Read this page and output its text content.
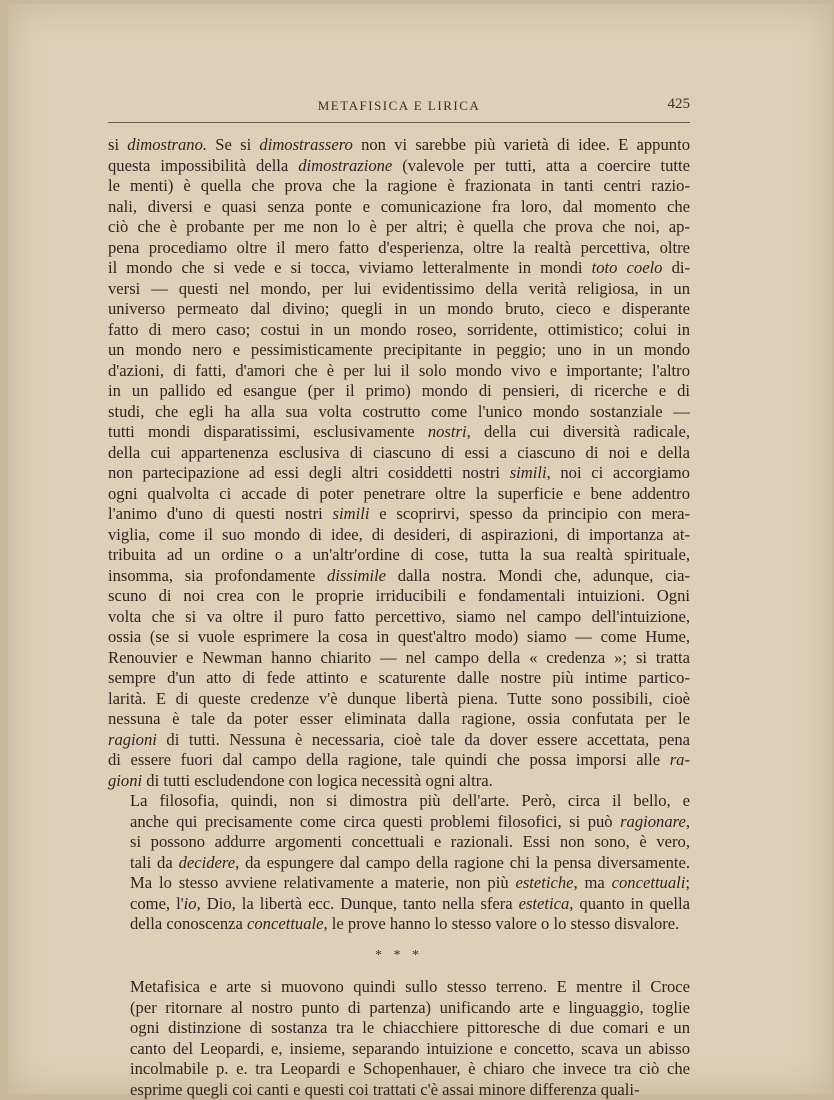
METAFISICA E LIRICA	425

si dimostrano. Se si dimostrassero non vi sarebbe più varietà di idee. E appunto
questa impossibilità della dimostrazione (valevole per tutti, atta a coercire tutte
le menti) è quella che prova che la ragione è frazionata in tanti centri razio-
nali, diversi e quasi senza ponte e comunicazione fra loro, dal momento che
ciò che è probante per me non lo è per altri; è quella che prova che noi, ap-
pena procediamo oltre il mero fatto d'esperienza, oltre la realtà percettiva, oltre
il mondo che si vede e si tocca, viviamo letteralmente in mondi toto coelo di-
versi — questi nel mondo, per lui evidentissimo della verità religiosa, in un
universo permeato dal divino; quegli in un mondo bruto, cieco e disperante
fatto di mero caso; costui in un mondo roseo, sorridente, ottimistico; colui in
un mondo nero e pessimisticamente precipitante in peggio; uno in un mondo
d'azioni, di fatti, d'amori che è per lui il solo mondo vivo e importante; l'altro
in un pallido ed esangue (per il primo) mondo di pensieri, di ricerche e di
studi, che egli ha alla sua volta costrutto come l'unico mondo sostanziale —
tutti mondi disparatissimi, esclusivamente nostri, della cui diversità radicale,
della cui appartenenza esclusiva di ciascuno di essi a ciascuno di noi e della
non partecipazione ad essi degli altri cosiddetti nostri simili, noi ci accorgiamo
ogni qualvolta ci accade di poter penetrare oltre la superficie e bene addentro
l'animo d'uno di questi nostri simili e scoprirvi, spesso da principio con mera-
viglia, come il suo mondo di idee, di desideri, di aspirazioni, di importanza at-
tribuita ad un ordine o a un'altr'ordine di cose, tutta la sua realtà spirituale,
insomma, sia profondamente dissimile dalla nostra. Mondi che, adunque, cia-
scuno di noi crea con le proprie irriducibili e fondamentali intuizioni. Ogni
volta che si va oltre il puro fatto percettivo, siamo nel campo dell'intuizione,
ossia (se si vuole esprimere la cosa in quest'altro modo) siamo — come Hume,
Renouvier e Newman hanno chiarito — nel campo della « credenza »; si tratta
sempre d'un atto di fede attinto e scaturente dalle nostre più intime partico-
larità. E di queste credenze v'è dunque libertà piena. Tutte sono possibili, cioè
nessuna è tale da poter esser eliminata dalla ragione, ossia confutata per le
ragioni di tutti. Nessuna è necessaria, cioè tale da dover essere accettata, pena
di essere fuori dal campo della ragione, tale quindi che possa imporsi alle ra-
gioni di tutti escludendone con logica necessità ogni altra.

La filosofia, quindi, non si dimostra più dell'arte. Però, circa il bello, e
anche qui precisamente come circa questi problemi filosofici, si può ragionare,
si possono addurre argomenti concettuali e razionali. Essi non sono, è vero,
tali da decidere, da espungere dal campo della ragione chi la pensa diversamente.
Ma lo stesso avviene relativamente a materie, non più estetiche, ma concettuali;
come, l'io, Dio, la libertà ecc. Dunque, tanto nella sfera estetica, quanto in quella
della conoscenza concettuale, le prove hanno lo stesso valore o lo stesso disvalore.

* * *

Metafisica e arte si muovono quindi sullo stesso terreno. E mentre il Croce
(per ritornare al nostro punto di partenza) unificando arte e linguaggio, toglie
ogni distinzione di sostanza tra le chiacchiere pittoresche di due comari e un
canto del Leopardi, e, insieme, separando intuizione e concetto, scava un abisso
incolmabile p. e. tra Leopardi e Schopenhauer, è chiaro che invece tra ciò che
esprime quegli coi canti e questi coi trattati c'è assai minore differenza quali-
